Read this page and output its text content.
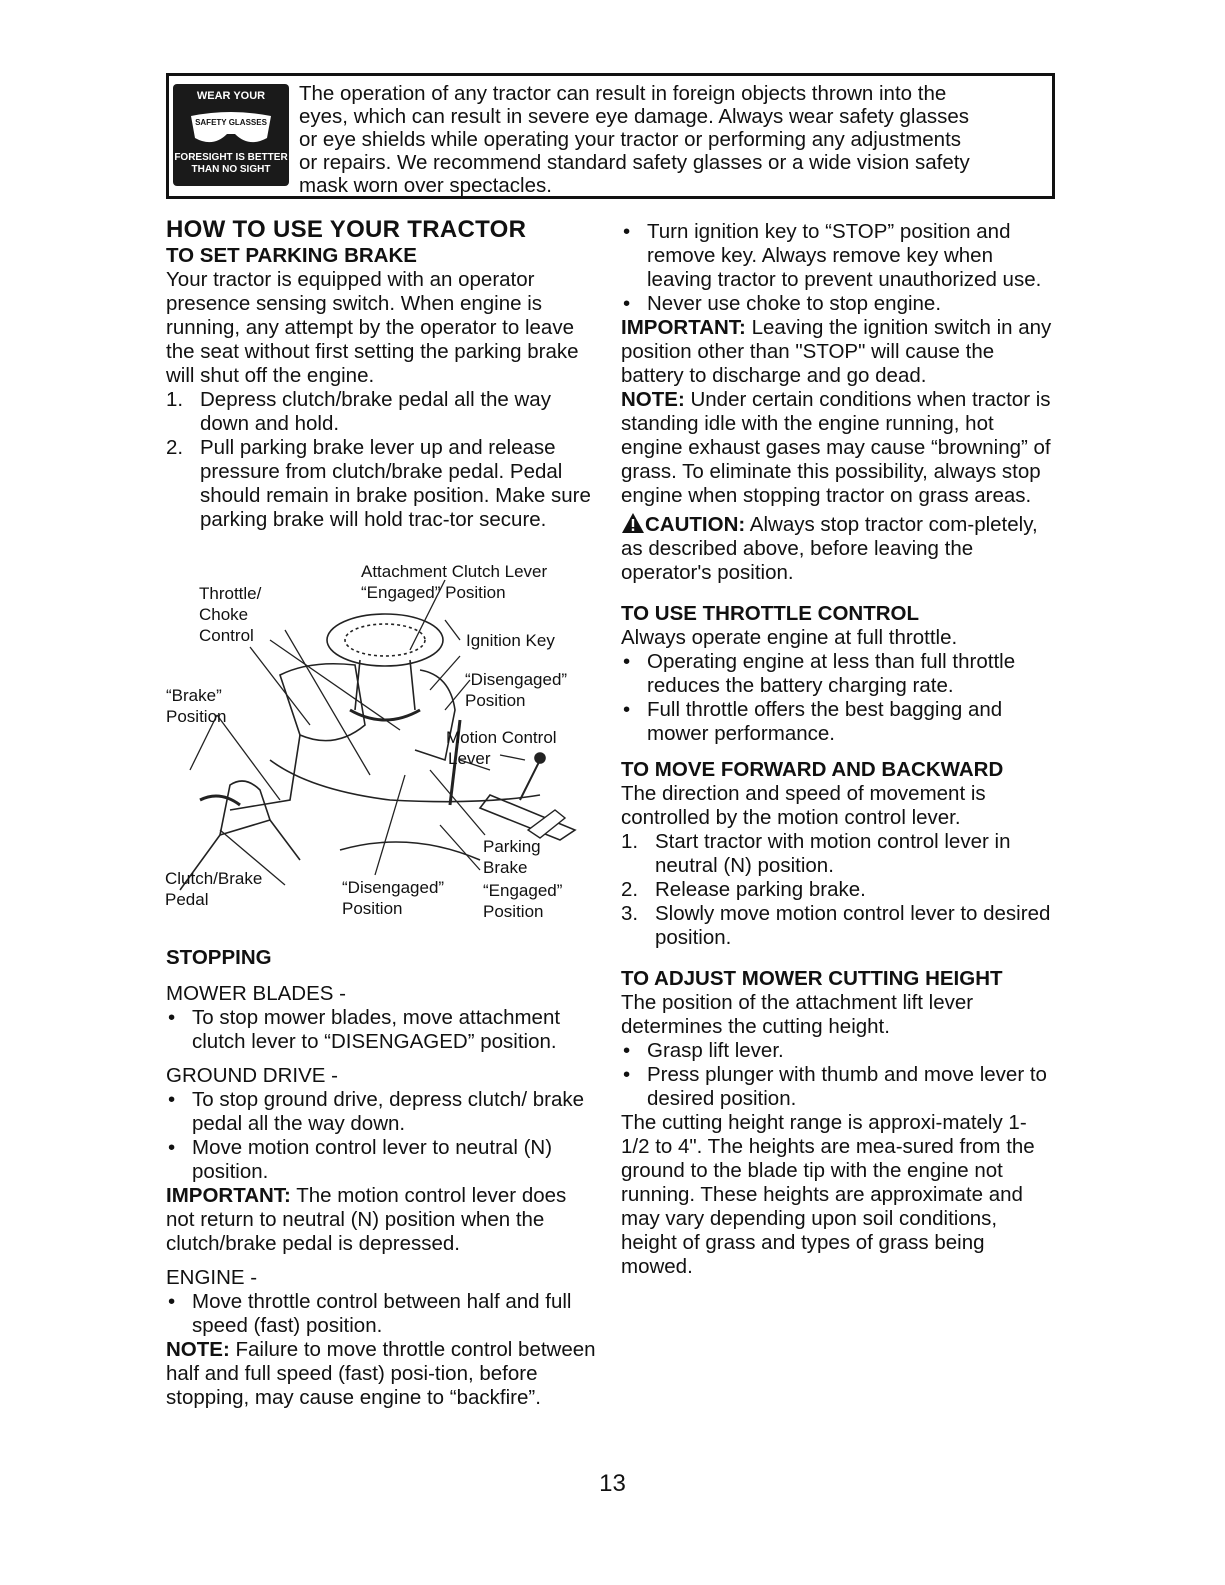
WEAR YOUR
SAFETY GLASSES
FORESIGHT IS BETTER
THAN NO SIGHT
The operation of any tractor can result in foreign objects thrown into the
eyes, which can result in severe eye damage. Always wear safety glasses
or eye shields while operating your tractor or performing any adjustments
or repairs. We recommend standard safety glasses or a wide vision safety
mask worn over spectacles.
HOW TO USE YOUR TRACTOR
TO SET PARKING BRAKE

Your tractor is equipped with an operator presence sensing switch. When engine is running, any attempt by the operator to leave the seat without first setting the parking brake will shut off the engine.

1. Depress clutch/brake pedal all the way down and hold.
2. Pull parking brake lever up and release pressure from clutch/brake pedal. Pedal should remain in brake position. Make sure parking brake will hold trac-tor secure.
Attachment Clutch Lever
“Engaged” Position
Throttle/
Choke
Control	Ignition Key
“Disengaged”
Position
“Brake”
Position
Motion Control
Lever
Parking
Brake
Clutch/Brake
Pedal
“Disengaged”
Position
“Engaged”
Position
STOPPING
MOWER BLADES -
• To stop mower blades, move attachment clutch lever to “DISENGAGED” position.
GROUND DRIVE -
• To stop ground drive, depress clutch/ brake pedal all the way down.
• Move motion control lever to neutral (N) position.

IMPORTANT: The motion control lever does not return to neutral (N) position when the clutch/brake pedal is depressed.

ENGINE -
• Move throttle control between half and full speed (fast) position.

NOTE: Failure to move throttle control between half and full speed (fast) posi-tion, before stopping, may cause engine to “backfire”.

• Turn ignition key to “STOP” position and remove key. Always remove key when leaving tractor to prevent unauthorized use.
• Never use choke to stop engine.

IMPORTANT: Leaving the ignition switch in any position other than "STOP" will cause the battery to discharge and go dead.

NOTE: Under certain conditions when tractor is standing idle with the engine running, hot engine exhaust gases may cause “browning” of grass. To eliminate this possibility, always stop engine when stopping tractor on grass areas.

CAUTION: Always stop tractor com-pletely, as described above, before leaving the operator's position.

TO USE THROTTLE CONTROL

Always operate engine at full throttle.

• Operating engine at less than full throttle reduces the battery charging rate.
• Full throttle offers the best bagging and mower performance.
TO MOVE FORWARD AND BACKWARD

The direction and speed of movement is controlled by the motion control lever.

1. Start tractor with motion control lever in neutral (N) position.
2. Release parking brake.
3. Slowly move motion control lever to desired position.
TO ADJUST MOWER CUTTING HEIGHT

The position of the attachment lift lever determines the cutting height.

• Grasp lift lever.
• Press plunger with thumb and move lever to desired position.

The cutting height range is approxi-mately 1-1/2 to 4". The heights are mea-sured from the ground to the blade tip with the engine not running. These heights are approximate and may vary depending upon soil conditions, height of grass and types of grass being mowed.

13
